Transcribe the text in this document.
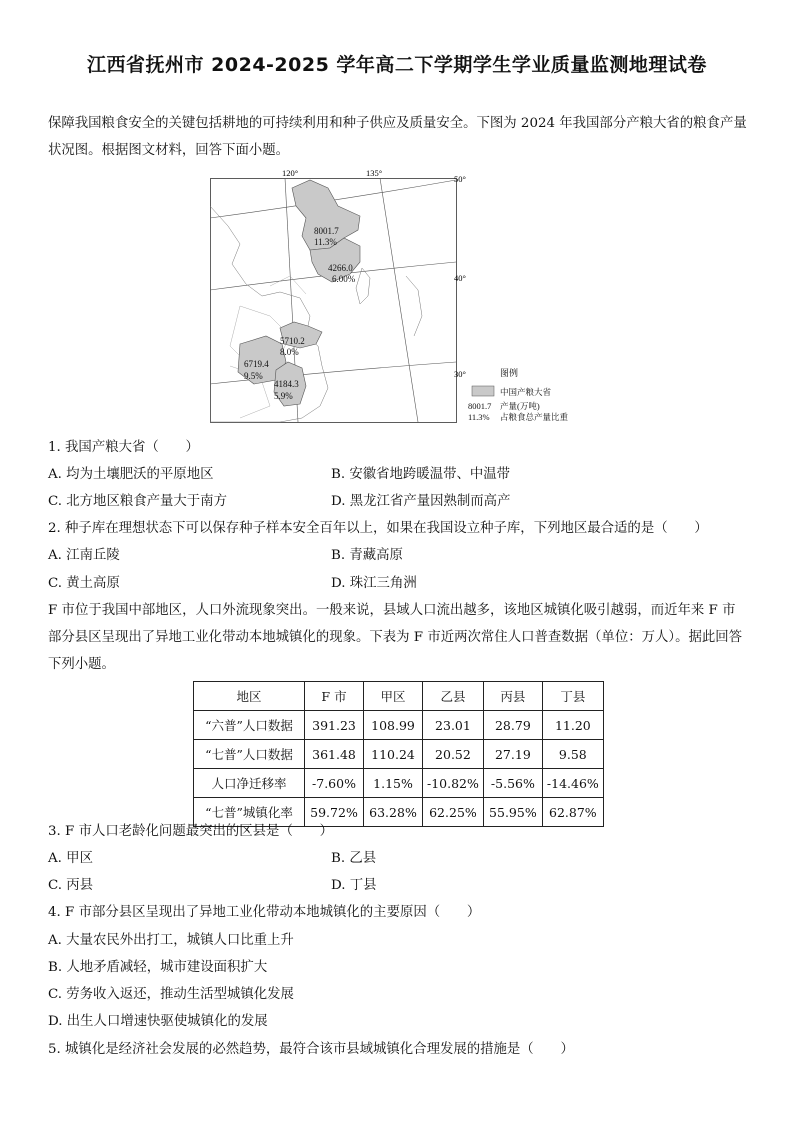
江西省抚州市 2024-2025 学年高二下学期学生学业质量监测地理试卷

保障我国粮食安全的关键包括耕地的可持续利用和种子供应及质量安全。下图为 2024 年我国部分产粮大省的粮食产量状况图。根据图文材料，回答下面小题。

120°	135°
50°
40°
30°
8001.7
11.3%
4266.0
6.00%
5710.2
8.0%
6719.4
9.5%
4184.3
5.9%
图例
中国产粮大省
8001.7 产量(万吨)
11.3% 占粮食总产量比重
1. 我国产粮大省（　　）
A. 均为土壤肥沃的平原地区	B. 安徽省地跨暖温带、中温带
C. 北方地区粮食产量大于南方	D. 黑龙江省产量因熟制而高产
2. 种子库在理想状态下可以保存种子样本安全百年以上，如果在我国设立种子库，下列地区最合适的是（　　）
A. 江南丘陵	B. 青藏高原
C. 黄土高原	D. 珠江三角洲

F 市位于我国中部地区，人口外流现象突出。一般来说，县域人口流出越多，该地区城镇化吸引越弱，而近年来 F 市部分县区呈现出了异地工业化带动本地城镇化的现象。下表为 F 市近两次常住人口普查数据（单位：万人）。据此回答下列小题。

地区	F 市	甲区	乙县	丙县	丁县
“六普”人口数据	391.23	108.99	23.01	28.79	11.20
“七普”人口数据	361.48	110.24	20.52	27.19	9.58
人口净迁移率	-7.60%	1.15%	-10.82%	-5.56%	-14.46%
“七普”城镇化率	59.72%	63.28%	62.25%	55.95%	62.87%
3. F 市人口老龄化问题最突出的区县是（　　）
A. 甲区	B. 乙县
C. 丙县	D. 丁县
4. F 市部分县区呈现出了异地工业化带动本地城镇化的主要原因（　　）
A. 大量农民外出打工，城镇人口比重上升
B. 人地矛盾减轻，城市建设面积扩大
C. 劳务收入返还，推动生活型城镇化发展
D. 出生人口增速快驱使城镇化的发展
5. 城镇化是经济社会发展的必然趋势，最符合该市县域城镇化合理发展的措施是（　　）
